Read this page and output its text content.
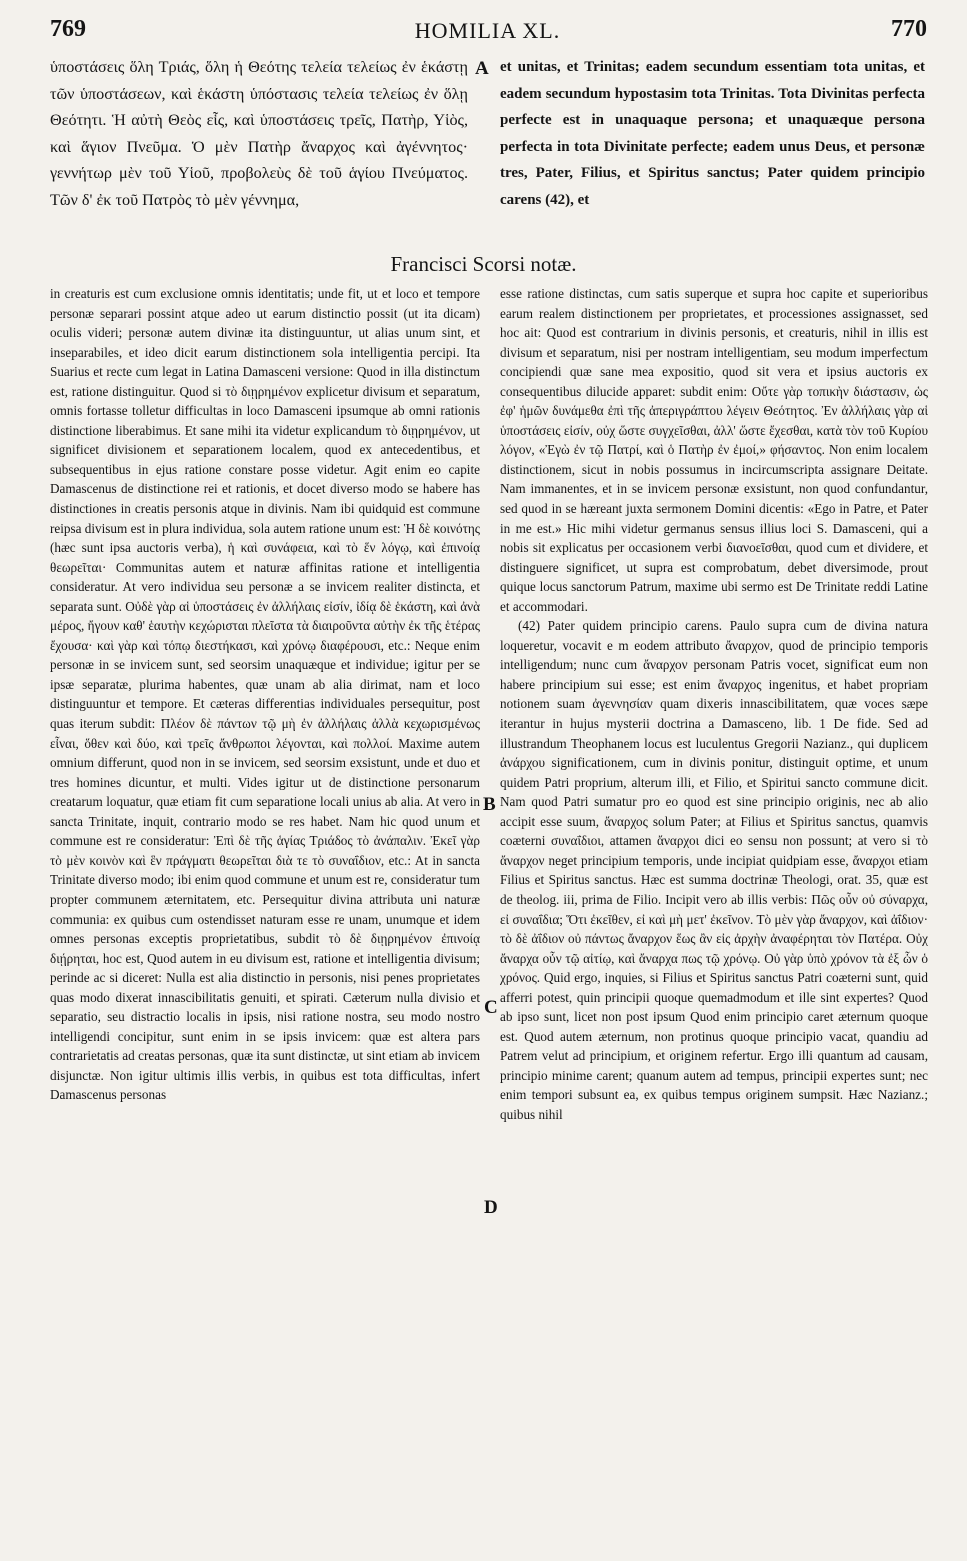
769	HOMILIA XL.	770
A
B
C
D

ὑποστάσεις ὅλη Τριάς, ὅλη ἡ Θεότης τελεία τελείως ἐν ἑκάστῃ τῶν ὑποστάσεων, καὶ ἑκάστη ὑπόστασις τελεία τελείως ἐν ὅλῃ Θεότητι. Ἡ αὐτὴ Θεὸς εἷς, καὶ ὑποστάσεις τρεῖς, Πατὴρ, Υἱὸς, καὶ ἅγιον Πνεῦμα. Ὁ μὲν Πατὴρ ἄναρχος καὶ ἀγέννητος· γεννήτωρ μὲν τοῦ Υἱοῦ, προβολεὺς δὲ τοῦ ἁγίου Πνεύματος. Τῶν δ' ἐκ τοῦ Πατρὸς τὸ μὲν γέννημα,

et unitas, et Trinitas; eadem secundum essentiam tota unitas, et eadem secundum hypostasim tota Trinitas. Tota Divinitas perfecta perfecte est in unaquaque persona; et unaquæque persona perfecta in tota Divinitate perfecte; eadem unus Deus, et personæ tres, Pater, Filius, et Spiritus sanctus; Pater quidem principio carens (42), et

Francisci Scorsi notæ.

in creaturis est cum exclusione omnis identitatis; unde fit, ut et loco et tempore personæ separari possint atque adeo ut earum distinctio possit (ut ita dicam) oculis videri; personæ autem divinæ ita distinguuntur, ut alias unum sint, et inseparabiles, et ideo dicit earum distinctionem sola intelligentia percipi. Ita Suarius et recte cum legat in Latina Damasceni versione: Quod in illa distinctum est, ratione distinguitur. Quod si τὸ διῃρημένον explicetur divisum et separatum, omnis fortasse tolletur difficultas in loco Damasceni ipsumque ab omni rationis distinctione liberabimus. Et sane mihi ita videtur explicandum τὸ διῃρημένον, ut significet divisionem et separationem localem, quod ex antecedentibus, et subsequentibus in ejus ratione constare posse videtur. Agit enim eo capite Damascenus de distinctione rei et rationis, et docet diverso modo se habere has distinctiones in creatis personis atque in divinis. Nam ibi quidquid est commune reipsa divisum est in plura individua, sola autem ratione unum est: Ἡ δὲ κοινότης (hæc sunt ipsa auctoris verba), ἡ καὶ συνάφεια, καὶ τὸ ἕν λόγῳ, καὶ ἐπινοίᾳ θεωρεῖται· Communitas autem et naturæ affinitas ratione et intelligentia consideratur. At vero individua seu personæ a se invicem realiter distincta, et separata sunt. Οὐδὲ γὰρ αἱ ὑποστάσεις ἐν ἀλλήλαις εἰσίν, ἰδίᾳ δὲ ἑκάστη, καὶ ἀνὰ μέρος, ἤγουν καθ' ἑαυτὴν κεχώρισται πλεῖστα τὰ διαιροῦντα αὐτὴν ἐκ τῆς ἑτέρας ἔχουσα· καὶ γὰρ καὶ τόπῳ διεστήκασι, καὶ χρόνῳ διαφέρουσι, etc.: Neque enim personæ in se invicem sunt, sed seorsim unaquæque et individue; igitur per se ipsæ separatæ, plurima habentes, quæ unam ab alia dirimat, nam et loco distinguuntur et tempore. Et cæteras differentias individuales persequitur, post quas iterum subdit: Πλέον δὲ πάντων τῷ μὴ ἐν ἀλλήλαις ἀλλὰ κεχωρισμένως εἶναι, ὅθεν καὶ δύο, καὶ τρεῖς ἄνθρωποι λέγονται, καὶ πολλοί. Maxime autem omnium differunt, quod non in se invicem, sed seorsim exsistunt, unde et duo et tres homines dicuntur, et multi. Vides igitur ut de distinctione personarum creatarum loquatur, quæ etiam fit cum separatione locali unius ab alia. At vero in sancta Trinitate, inquit, contrario modo se res habet. Nam hic quod unum et commune est re consideratur: Ἐπὶ δὲ τῆς ἁγίας Τριάδος τὸ ἀνάπαλιν. Ἐκεῖ γὰρ τὸ μὲν κοινὸν καὶ ἓν πράγματι θεωρεῖται διὰ τε τὸ συναΐδιον, etc.: At in sancta Trinitate diverso modo; ibi enim quod commune et unum est re, consideratur tum propter communem æternitatem, etc. Persequitur divina attributa uni naturæ communia: ex quibus cum ostendisset naturam esse re unam, unumque et idem omnes personas exceptis proprietatibus, subdit τὸ δὲ διῃρημένον ἐπινοίᾳ διῄρηται, hoc est, Quod autem in eu divisum est, ratione et intelligentia divisum; perinde ac si diceret: Nulla est alia distinctio in personis, nisi penes proprietates quas modo dixerat innascibilitatis genuiti, et spirati. Cæterum nulla divisio et separatio, seu distractio localis in ipsis, nisi ratione nostra, seu modo nostro intelligendi concipitur, sunt enim in se ipsis invicem: quæ est altera pars contrarietatis ad creatas personas, quæ ita sunt distinctæ, ut sint etiam ab invicem disjunctæ. Non igitur ultimis illis verbis, in quibus est tota difficultas, infert Damascenus personas

esse ratione distinctas, cum satis superque et supra hoc capite et superioribus earum realem distinctionem per proprietates, et processiones assignasset, sed hoc ait: Quod est contrarium in divinis personis, et creaturis, nihil in illis est divisum et separatum, nisi per nostram intelligentiam, seu modum imperfectum concipiendi quæ sane mea expositio, quod sit vera et ipsius auctoris ex consequentibus dilucide apparet: subdit enim: Οὔτε γὰρ τοπικὴν διάστασιν, ὡς ἐφ' ἡμῶν δυνάμεθα ἐπὶ τῆς ἀπεριγράπτου λέγειν Θεότητος. Ἐν ἀλλήλαις γὰρ αἱ ὑποστάσεις εἰσίν, οὐχ ὥστε συγχεῖσθαι, ἀλλ' ὥστε ἔχεσθαι, κατὰ τὸν τοῦ Κυρίου λόγον, «Ἐγὼ ἐν τῷ Πατρί, καὶ ὁ Πατὴρ ἐν ἐμοί,» φήσαντος. Non enim localem distinctionem, sicut in nobis possumus in incircumscripta assignare Deitate. Nam immanentes, et in se invicem personæ exsistunt, non quod confundantur, sed quod in se hæreant juxta sermonem Domini dicentis: «Ego in Patre, et Pater in me est.» Hic mihi videtur germanus sensus illius loci S. Damasceni, qui a nobis sit explicatus per occasionem verbi διανοεῖσθαι, quod cum et dividere, et distinguere significet, ut supra est comprobatum, debet diversimode, prout quique locus sanctorum Patrum, maxime ubi sermo est De Trinitate reddi Latine et accommodari.

(42) Pater quidem principio carens. Paulo supra cum de divina natura loqueretur, vocavit e m eodem attributo ἄναρχον, quod de principio temporis intelligendum; nunc cum ἄναρχον personam Patris vocet, significat eum non habere principium sui esse; est enim ἄναρχος ingenitus, et habet propriam notionem suam ἀγεννησίαν quam dixeris innascibilitatem, quæ voces sæpe iterantur in hujus mysterii doctrina a Damasceno, lib. 1 De fide. Sed ad illustrandum Theophanem locus est luculentus Gregorii Nazianz., qui duplicem ἀνάρχου significationem, cum in divinis ponitur, distinguit optime, et unum quidem Patri proprium, alterum illi, et Filio, et Spiritui sancto commune dicit. Nam quod Patri sumatur pro eo quod est sine principio originis, nec ab alio accipit esse suum, ἄναρχος solum Pater; at Filius et Spiritus sanctus, quamvis coæterni συναΐδιοι, attamen ἄναρχοι dici eo sensu non possunt; at vero si τὸ ἄναρχον neget principium temporis, unde incipiat quidpiam esse, ἄναρχοι etiam Filius et Spiritus sanctus. Hæc est summa doctrinæ Theologi, orat. 35, quæ est de theolog. iii, prima de Filio. Incipit vero ab illis verbis: Πῶς οὖν οὐ σύναρχα, εἰ συναΐδια; Ὅτι ἐκεῖθεν, εἰ καὶ μὴ μετ' ἐκεῖνον. Τὸ μὲν γὰρ ἄναρχον, καὶ ἀΐδιον· τὸ δὲ ἀΐδιον οὐ πάντως ἄναρχον ἕως ἂν εἰς ἀρχὴν ἀναφέρηται τὸν Πατέρα. Οὐχ ἄναρχα οὖν τῷ αἰτίῳ, καὶ ἄναρχα πως τῷ χρόνῳ. Οὐ γὰρ ὑπὸ χρόνον τὰ ἐξ ὧν ὁ χρόνος. Quid ergo, inquies, si Filius et Spiritus sanctus Patri coæterni sunt, quid afferri potest, quin principii quoque quemadmodum et ille sint expertes? Quod ab ipso sunt, licet non post ipsum Quod enim principio caret æternum quoque est. Quod autem æternum, non protinus quoque principio vacat, quandiu ad Patrem velut ad principium, et originem refertur. Ergo illi quantum ad causam, principio minime carent; quanum autem ad tempus, principii expertes sunt; nec enim tempori subsunt ea, ex quibus tempus originem sumpsit. Hæc Nazianz.; quibus nihil
